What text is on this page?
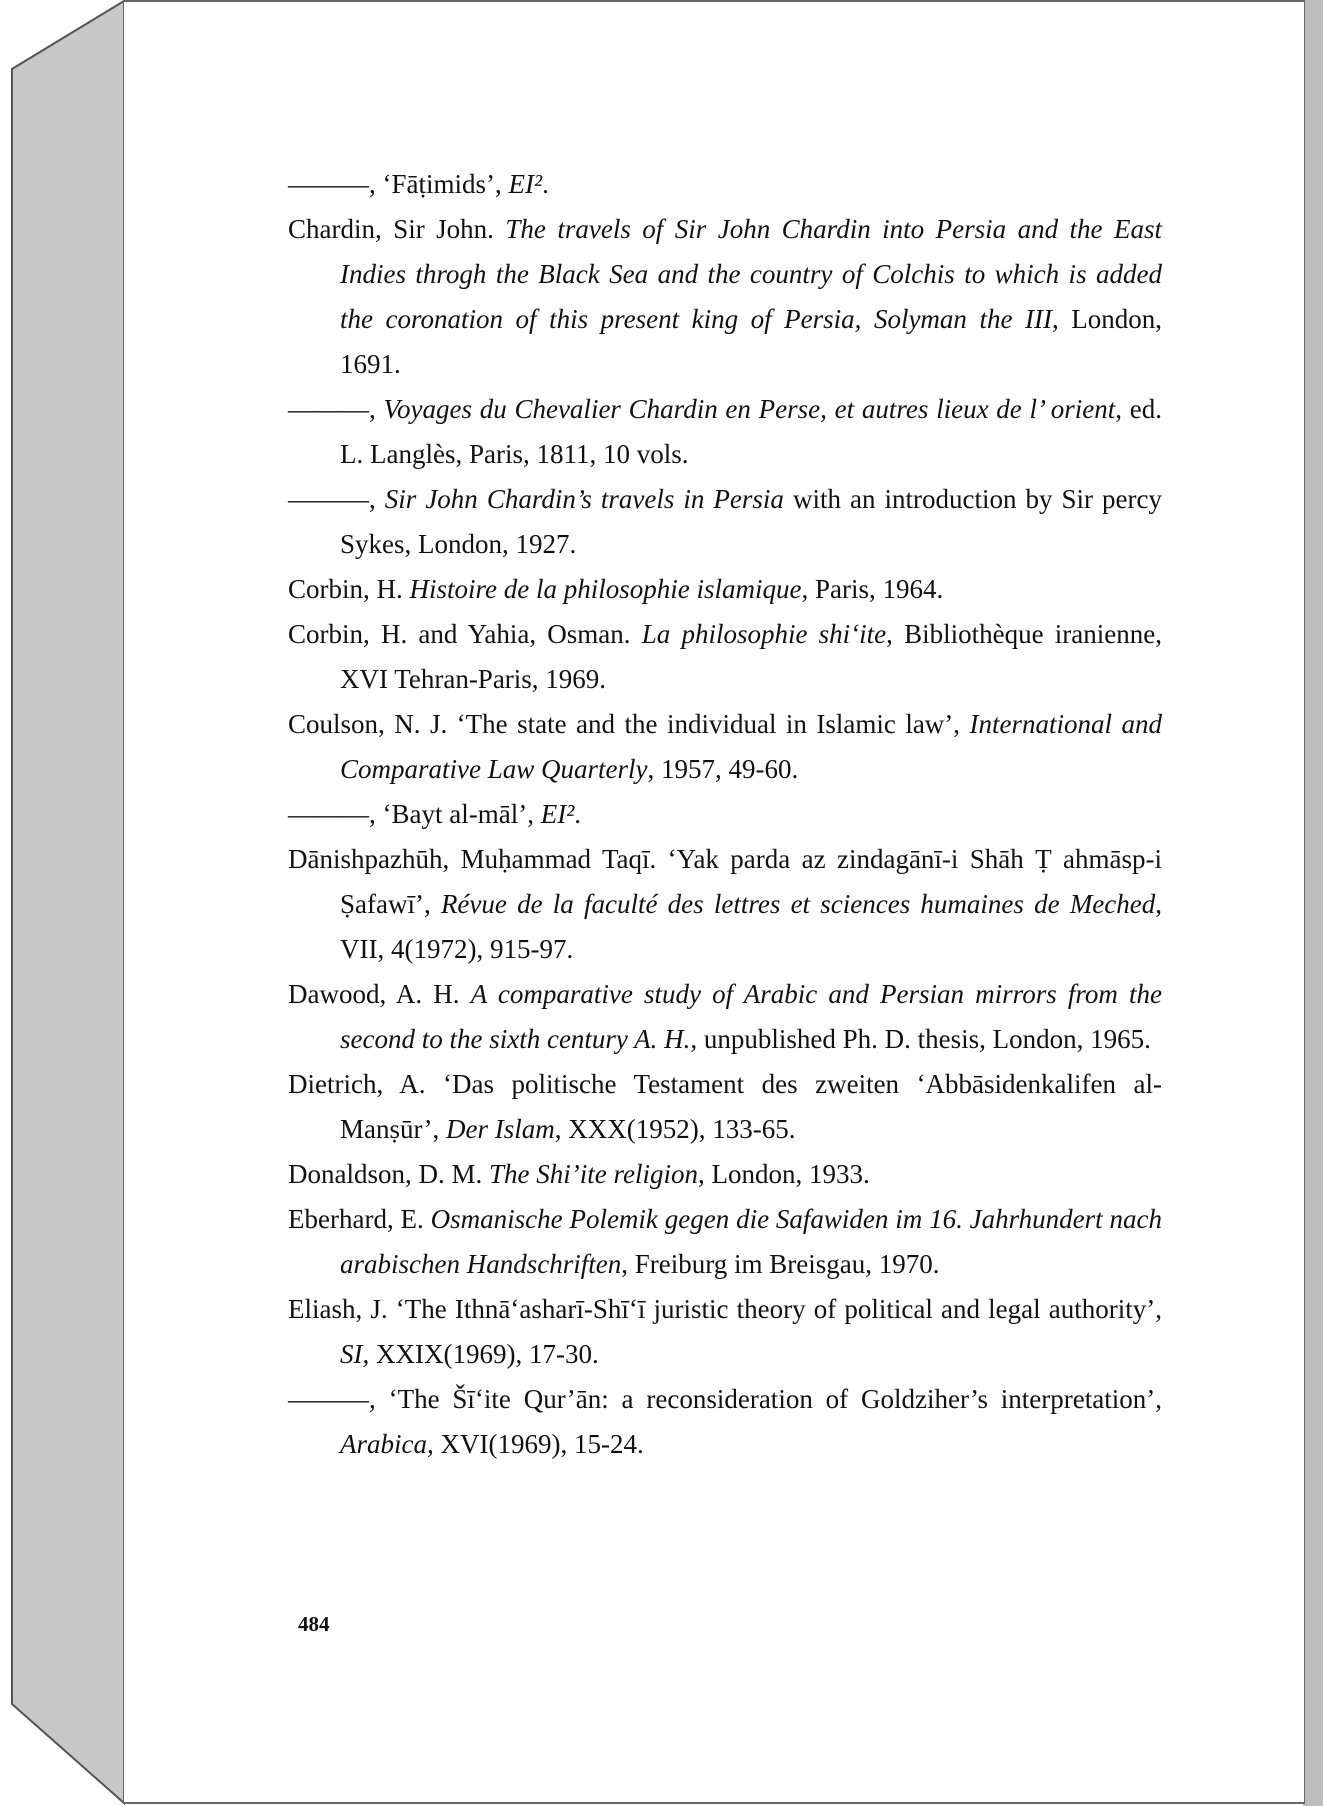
———, ‘Fāṭimids’, EI².

Chardin, Sir John. The travels of Sir John Chardin into Persia and the East Indies throgh the Black Sea and the country of Colchis to which is added the coronation of this present king of Persia, Solyman the III, London, 1691.

———, Voyages du Chevalier Chardin en Perse, et autres lieux de l’ orient, ed. L. Langlès, Paris, 1811, 10 vols.

———, Sir John Chardin’s travels in Persia with an introduction by Sir percy Sykes, London, 1927.

Corbin, H. Histoire de la philosophie islamique, Paris, 1964.

Corbin, H. and Yahia, Osman. La philosophie shi‘ite, Bibliothèque iranienne, XVI Tehran-Paris, 1969.

Coulson, N. J. ‘The state and the individual in Islamic law’, International and Comparative Law Quarterly, 1957, 49-60.

———, ‘Bayt al-māl’, EI².

Dānishpazhūh, Muḥammad Taqī. ‘Yak parda az zindagānī-i Shāh Ṭ ahmāsp-i Ṣafawī’, Révue de la faculté des lettres et sciences humaines de Meched, VII, 4(1972), 915-97.

Dawood, A. H. A comparative study of Arabic and Persian mirrors from the second to the sixth century A. H., unpublished Ph. D. thesis, London, 1965.

Dietrich, A. ‘Das politische Testament des zweiten ‘Abbāsidenkalifen al-Manṣūr’, Der Islam, XXX(1952), 133-65.

Donaldson, D. M. The Shi’ite religion, London, 1933.

Eberhard, E. Osmanische Polemik gegen die Safawiden im 16. Jahrhundert nach arabischen Handschriften, Freiburg im Breisgau, 1970.

Eliash, J. ‘The Ithnā‘asharī-Shī‘ī juristic theory of political and legal authority’, SI, XXIX(1969), 17-30.

———, ‘The Šī‘ite Qur’ān: a reconsideration of Goldziher’s interpretation’, Arabica, XVI(1969), 15-24.

484
